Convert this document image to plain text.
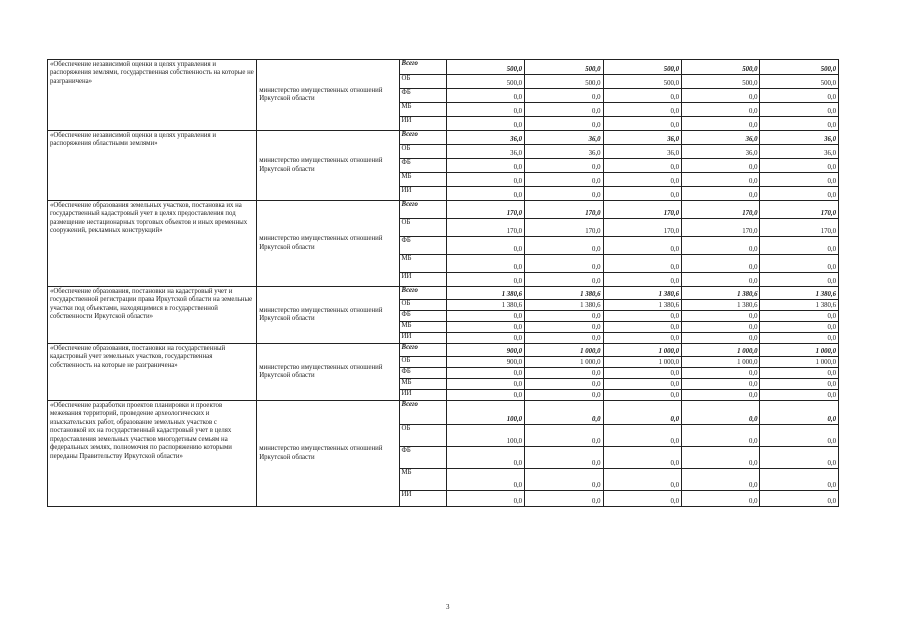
«Обеспечение независимой оценки в целях управления и распоряжения землями, государственная собственность на которые не разграничена»	министерство имущественных отношений Иркутской области	Всего	500,0	500,0	500,0	500,0	500,0
		ОБ	500,0	500,0	500,0	500,0	500,0
		ФБ	0,0	0,0	0,0	0,0	0,0
		МБ	0,0	0,0	0,0	0,0	0,0
		ИИ	0,0	0,0	0,0	0,0	0,0
«Обеспечение независимой оценки в целях управления и распоряжения областными землями»	министерство имущественных отношений Иркутской области	Всего	36,0	36,0	36,0	36,0	36,0
		ОБ	36,0	36,0	36,0	36,0	36,0
		ФБ	0,0	0,0	0,0	0,0	0,0
		МБ	0,0	0,0	0,0	0,0	0,0
		ИИ	0,0	0,0	0,0	0,0	0,0
«Обеспечение образования земельных участков, постановка их на государственный кадастровый учет в целях предоставления под размещение нестационарных торговых объектов и иных временных сооружений, рекламных конструкций»	министерство имущественных отношений Иркутской области	Всего	170,0	170,0	170,0	170,0	170,0
		ОБ	170,0	170,0	170,0	170,0	170,0
		ФБ	0,0	0,0	0,0	0,0	0,0
		МБ	0,0	0,0	0,0	0,0	0,0
		ИИ	0,0	0,0	0,0	0,0	0,0
«Обеспечение образования, постановки на кадастровый учет и государственной регистрации права Иркутской области на земельные участки под объектами, находящимися в государственной собственности Иркутской области»	министерство имущественных отношений Иркутской области	Всего	1 380,6	1 380,6	1 380,6	1 380,6	1 380,6
		ОБ	1 380,6	1 380,6	1 380,6	1 380,6	1 380,6
		ФБ	0,0	0,0	0,0	0,0	0,0
		МБ	0,0	0,0	0,0	0,0	0,0
		ИИ	0,0	0,0	0,0	0,0	0,0
«Обеспечение образования, постановки на государственный кадастровый учет земельных участков, государственная собственность на которые не разграничена»	министерство имущественных отношений Иркутской области	Всего	900,0	1 000,0	1 000,0	1 000,0	1 000,0
		ОБ	900,0	1 000,0	1 000,0	1 000,0	1 000,0
		ФБ	0,0	0,0	0,0	0,0	0,0
		МБ	0,0	0,0	0,0	0,0	0,0
		ИИ	0,0	0,0	0,0	0,0	0,0
«Обеспечение разработки проектов планировки и проектов межевания территорий, проведение археологических и изыскательских работ, образование земельных участков с постановкой их на государственный кадастровый учет в целях предоставления земельных участков многодетным семьям на федеральных землях, полномочия по распоряжению которыми переданы Правительству Иркутской области»	министерство имущественных отношений Иркутской области	Всего	100,0	0,0	0,0	0,0	0,0
		ОБ	100,0	0,0	0,0	0,0	0,0
		ФБ	0,0	0,0	0,0	0,0	0,0
		МБ	0,0	0,0	0,0	0,0	0,0
		ИИ	0,0	0,0	0,0	0,0	0,0
3
